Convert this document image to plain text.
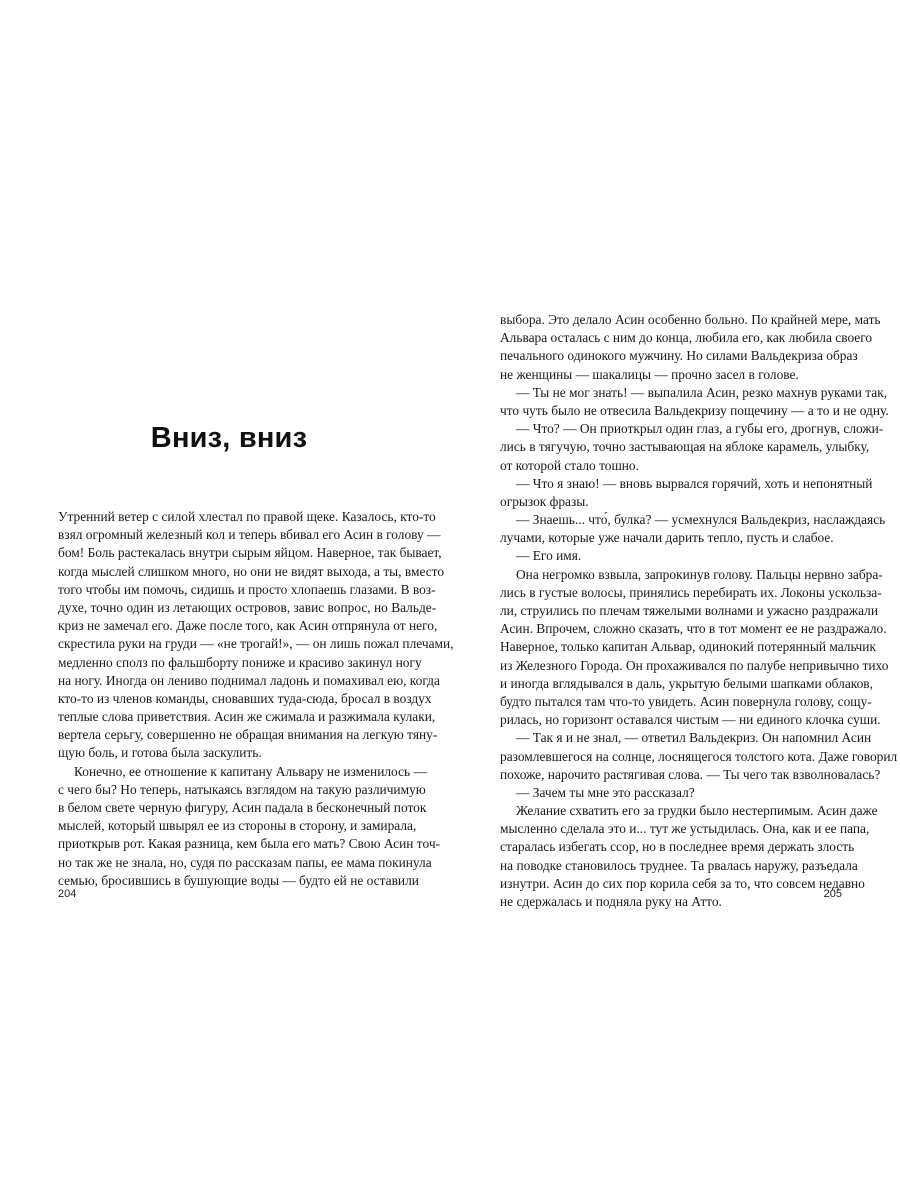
Вниз, вниз
Утренний ветер с силой хлестал по правой щеке. Казалось, кто-то
взял огромный железный кол и теперь вбивал его Асин в голову —
бом! Боль растекалась внутри сырым яйцом. Наверное, так бывает,
когда мыслей слишком много, но они не видят выхода, а ты, вместо
того чтобы им помочь, сидишь и просто хлопаешь глазами. В воз-
духе, точно один из летающих островов, завис вопрос, но Вальде-
криз не замечал его. Даже после того, как Асин отпрянула от него,
скрестила руки на груди — «не трогай!», — он лишь пожал плечами,
медленно сполз по фальшборту пониже и красиво закинул ногу
на ногу. Иногда он лениво поднимал ладонь и помахивал ею, когда
кто-то из членов команды, сновавших туда-сюда, бросал в воздух
теплые слова приветствия. Асин же сжимала и разжимала кулаки,
вертела серьгу, совершенно не обращая внимания на легкую тяну-
щую боль, и готова была заскулить.
Конечно, ее отношение к капитану Альвару не изменилось —
с чего бы? Но теперь, натыкаясь взглядом на такую различимую
в белом свете черную фигуру, Асин падала в бесконечный поток
мыслей, который швырял ее из стороны в сторону, и замирала,
приоткрыв рот. Какая разница, кем была его мать? Свою Асин точ-
но так же не знала, но, судя по рассказам папы, ее мама покинула
семью, бросившись в бушующие воды — будто ей не оставили
204
выбора. Это делало Асин особенно больно. По крайней мере, мать
Альвара осталась с ним до конца, любила его, как любила своего
печального одинокого мужчину. Но силами Вальдекриза образ
не женщины — шакалицы — прочно засел в голове.
— Ты не мог знать! — выпалила Асин, резко махнув руками так,
что чуть было не отвесила Вальдекризу пощечину — а то и не одну.
— Что? — Он приоткрыл один глаз, а губы его, дрогнув, сложи-
лись в тягучую, точно застывающая на яблоке карамель, улыбку,
от которой стало тошно.
— Что я знаю! — вновь вырвался горячий, хоть и непонятный
огрызок фразы.
— Знаешь... что́, булка? — усмехнулся Вальдекриз, наслаждаясь
лучами, которые уже начали дарить тепло, пусть и слабое.
— Его имя.
Она негромко взвыла, запрокинув голову. Пальцы нервно забра-
лись в густые волосы, принялись перебирать их. Локоны ускольза-
ли, струились по плечам тяжелыми волнами и ужасно раздражали
Асин. Впрочем, сложно сказать, что в тот момент ее не раздражало.
Наверное, только капитан Альвар, одинокий потерянный мальчик
из Железного Города. Он прохаживался по палубе непривычно тихо
и иногда вглядывался в даль, укрытую белыми шапками облаков,
будто пытался там что-то увидеть. Асин повернула голову, сощу-
рилась, но горизонт оставался чистым — ни единого клочка суши.
— Так я и не знал, — ответил Вальдекриз. Он напомнил Асин
разомлевшегося на солнце, лоснящегося толстого кота. Даже говорил
похоже, нарочито растягивая слова. — Ты чего так взволновалась?
— Зачем ты мне это рассказал?
Желание схватить его за грудки было нестерпимым. Асин даже
мысленно сделала это и... тут же устыдилась. Она, как и ее папа,
старалась избегать ссор, но в последнее время держать злость
на поводке становилось труднее. Та рвалась наружу, разъедала
изнутри. Асин до сих пор корила себя за то, что совсем недавно
не сдержалась и подняла руку на Атто.	205
